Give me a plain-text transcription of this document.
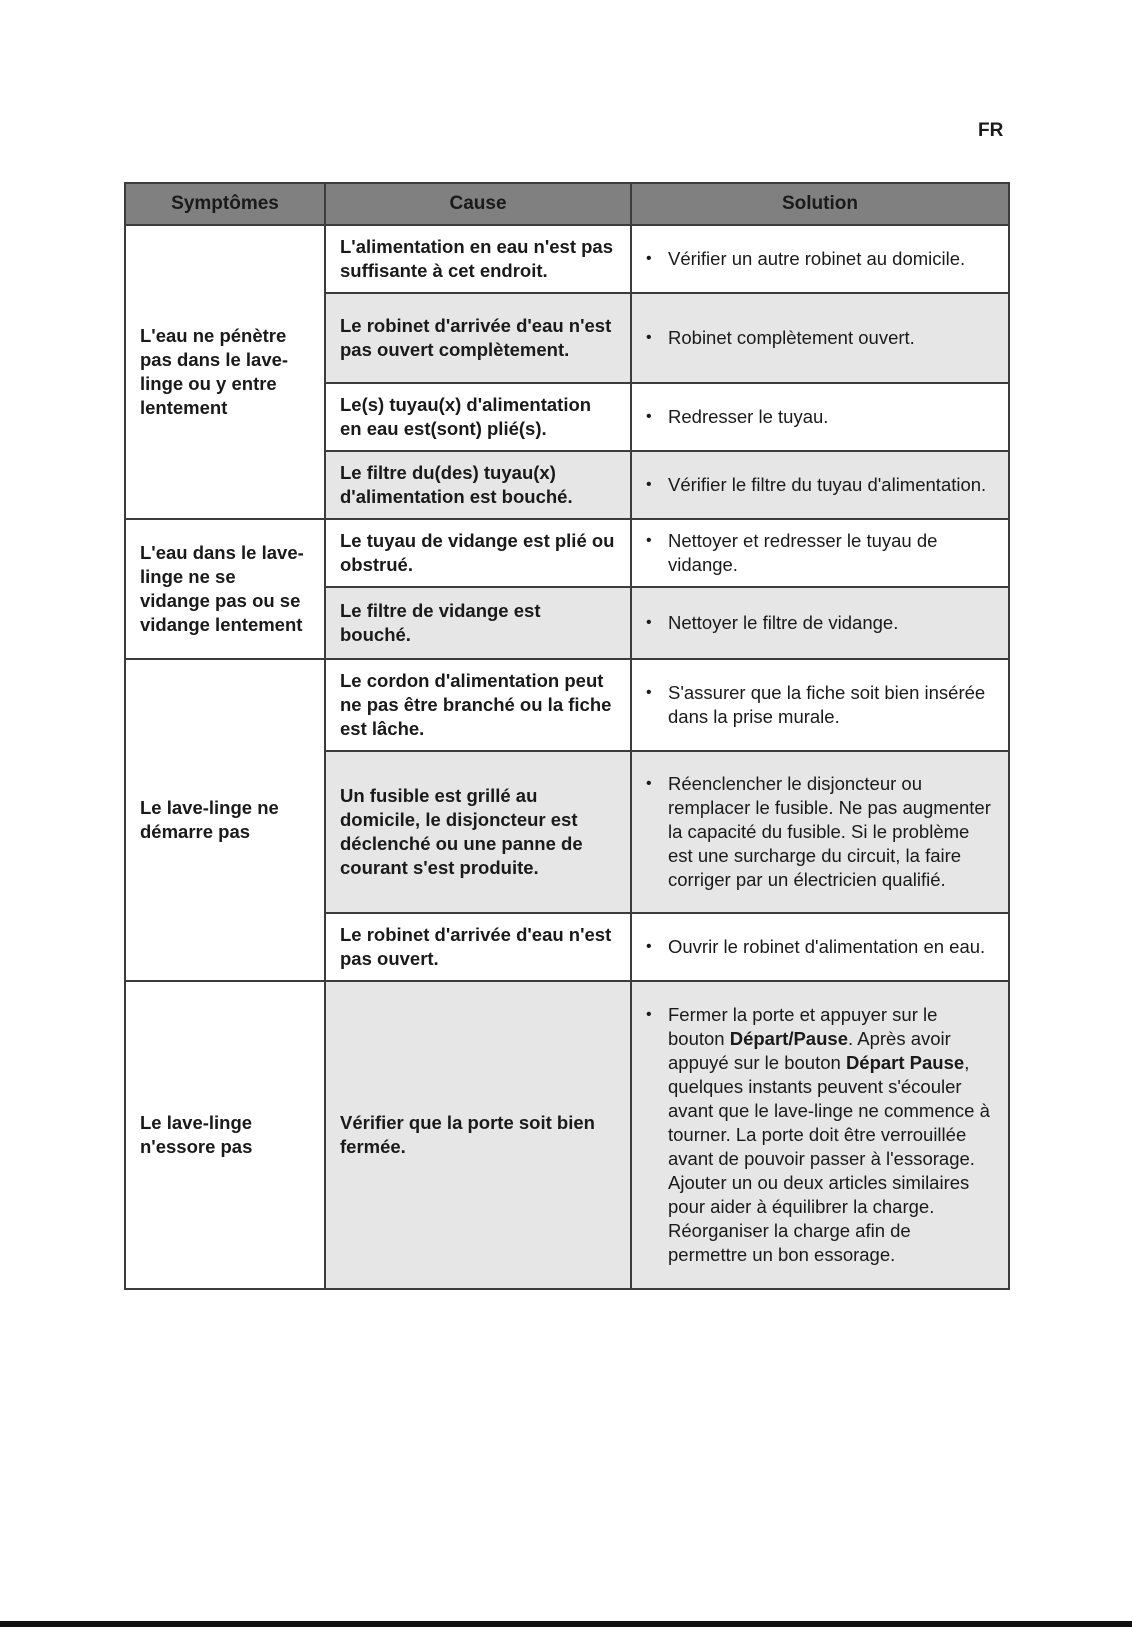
FR
Symptômes	Cause	Solution
L'eau ne pénètre pas dans le lave-linge ou y entre lentement	L'alimentation en eau n'est pas suffisante à cet endroit.	• Vérifier un autre robinet au domicile.

	Le robinet d'arrivée d'eau n'est pas ouvert complètement.	• Robinet complètement ouvert.

	Le(s) tuyau(x) d'alimentation en eau est(sont) plié(s).	• Redresser le tuyau.

	Le filtre du(des) tuyau(x) d'alimentation est bouché.	• Vérifier le filtre du tuyau d'alimentation.

L'eau dans le lave-linge ne se vidange pas ou se vidange lentement	Le tuyau de vidange est plié ou obstrué.	• Nettoyer et redresser le tuyau de vidange.

	Le filtre de vidange est bouché.	• Nettoyer le filtre de vidange.

Le lave-linge ne démarre pas	Le cordon d'alimentation peut ne pas être branché ou la fiche est lâche.	• S'assurer que la fiche soit bien insérée dans la prise murale.

	Un fusible est grillé au domicile, le disjoncteur est déclenché ou une panne de courant s'est produite.	• Réenclencher le disjoncteur ou remplacer le fusible. Ne pas augmenter la capacité du fusible. Si le problème est une surcharge du circuit, la faire corriger par un électricien qualifié.

	Le robinet d'arrivée d'eau n'est pas ouvert.	• Ouvrir le robinet d'alimentation en eau.

Le lave-linge n'essore pas	Vérifier que la porte soit bien fermée.	• Fermer la porte et appuyer sur le bouton Départ/Pause. Après avoir appuyé sur le bouton Départ Pause, quelques instants peuvent s'écouler avant que le lave-linge ne commence à tourner. La porte doit être verrouillée avant de pouvoir passer à l'essorage. Ajouter un ou deux articles similaires pour aider à équilibrer la charge. Réorganiser la charge afin de permettre un bon essorage.
